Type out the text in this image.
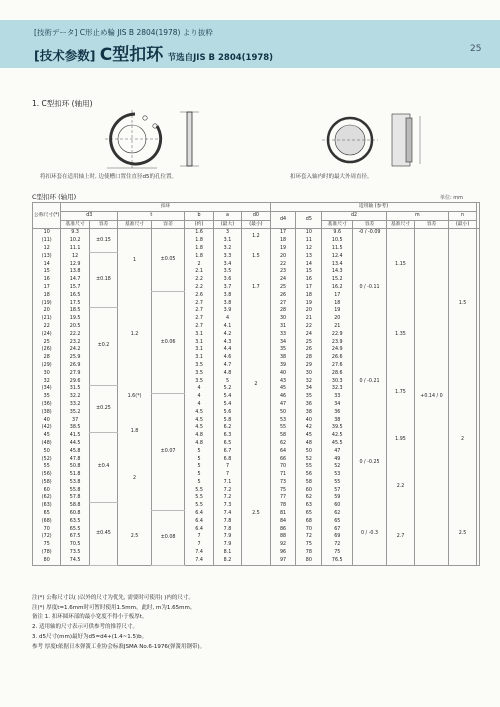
[技術データ] C形止め輪 JIS B 2804(1978) より抜粋
[技术参数] C型扣环 节选自JIS B 2804(1978)
25
1. C型扣环 (轴用)
将扣环套在适用轴上时, 边使槽口置住直径d5的孔位置。	扣环套入轴内时的最大外周直径。
C型扣环 (轴用)	单位: mm
公称尺寸(*)	扣环							适用轴 (参考)							
	d3		t		b	a	d0	d4	d5	d2		m		n	
	基准尺寸	容差	基准尺寸	容差	(约)	(最大)	(最小)			基准尺寸	容差	基准尺寸	容差	(最小)	
10	9.3	±0.15	1	±0.05	1.6	3	1.2	17	10	9.6	-0 / -0.09	1.15	+0.14 / 0	1.5	
(11)	10.2				1.8	3.1		18	11	10.5	0 / -0.11				
12	11.1				1.8	3.2	1.5	19	12	11.5					
(13)	12	±0.18			1.8	3.3		20	13	12.4					
14	12.9				2	3.4		22	14	13.4					
15	13.8				2.1	3.5	1.7	23	15	14.3					
16	14.7				2.2	3.6		24	16	15.2					
17	15.7				2.2	3.7		25	17	16.2					
18	16.5		1.2	±0.06	2.6	3.8		26	18	17					
(19)	17.5				2.7	3.8		27	19	18		1.35			
20	18.5	±0.2			2.7	3.9	2	28	20	19					
(21)	19.5				2.7	4		30	21	20					
22	20.5				2.7	4.1		31	22	21					
(24)	22.2				3.1	4.2		33	24	22.9					
25	23.2				3.1	4.3		34	25	23.9	0 / -0.21				
(26)	24.2				3.1	4.4		35	26	24.9					
28	25.9				3.1	4.6		38	28	26.6					
(29)	26.9				3.5	4.7		39	29	27.6					
30	27.9				3.5	4.8		40	30	28.6		1.75			
32	29.6		1.6(*)		3.5	5		43	32	30.3				2	
(34)	31.5	±0.25			4	5.2		45	34	32.3					
35	32.2			±0.07	4	5.4		46	35	33					
(36)	33.2				4	5.4		47	36	34					
(38)	35.2				4.5	5.6		50	38	36					
40	37		1.8		4.5	5.8		53	40	38		1.95			
(42)	38.5				4.5	6.2		55	42	39.5	0 / -0.25				
45	41.5	±0.4			4.8	6.3		58	45	42.5					
(48)	44.5				4.8	6.5		62	48	45.5					
50	45.8		2		5	6.7		64	50	47					
(52)	47.8				5	6.8		66	52	49					
55	50.8				5	7	2.5	70	55	52		2.2			
(56)	51.8				5	7		71	56	53					
(58)	53.8				5	7.1		73	58	55					
60	55.8				5.5	7.2		75	60	57					
(62)	57.8				5.5	7.2		77	62	59					
(63)	58.8	±0.45			5.5	7.3		78	63	60	0 / -0.3			2.5	
65	60.8		2.5	±0.08	6.4	7.4		81	65	62		2.7			
(68)	63.5				6.4	7.8		84	68	65					
70	65.5				6.4	7.8		86	70	67					
(72)	67.5				7	7.9		88	72	69					
75	70.5				7	7.9		92	75	72					
(78)	73.5				7.4	8.1		96	78	75					
80	74.5				7.4	8.2		97	80	76.5					
注(*) 公称尺寸以( )以外的尺寸为优先, 需要时可使用( )内的尺寸。
注(*) 厚度t=1.6mm时可暂时使用1.5mm。此时, m为1.65mm。
备注 1. 扣环圆环部的最小宽度不得小于板厚t。
2. 适用轴的尺寸表示可供参考的推荐尺寸。
3. d5尺寸(mm)最好为d5=d4+(1.4~1.5)b。
参考 厚度t依据日本弹簧工业协会标准JSMA No.6-1976(弹簧用钢带)。
